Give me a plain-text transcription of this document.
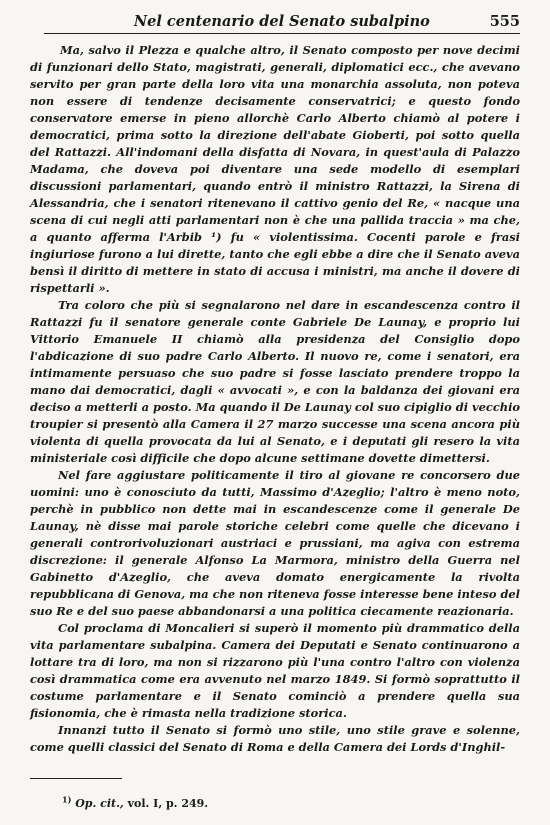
Nel centenario del Senato subalpino	555

Ma, salvo il Plezza e qualche altro, il Senato composto per nove decimi di funzionari dello Stato, magistrati, generali, diplomatici ecc., che avevano servito per gran parte della loro vita una monarchia assoluta, non poteva non essere di tendenze decisamente conservatrici; e questo fondo conservatore emerse in pieno allorchè Carlo Alberto chiamò al potere i democratici, prima sotto la direzione dell'abate Gioberti, poi sotto quella del Rattazzi. All'indomani della disfatta di Novara, in quest'aula di Palazzo Madama, che doveva poi diventare una sede modello di esemplari discussioni parlamentari, quando entrò il ministro Rattazzi, la Sirena di Alessandria, che i senatori ritenevano il cattivo genio del Re, « nacque una scena di cui negli atti parlamentari non è che una pallida traccia » ma che, a quanto afferma l'Arbib ¹) fu « violentissima. Cocenti parole e frasi ingiuriose furono a lui dirette, tanto che egli ebbe a dire che il Senato aveva bensì il diritto di mettere in stato di accusa i ministri, ma anche il dovere di rispettarli ».

Tra coloro che più si segnalarono nel dare in escandescenza contro il Rattazzi fu il senatore generale conte Gabriele De Launay, e proprio lui Vittorio Emanuele II chiamò alla presidenza del Consiglio dopo l'abdicazione di suo padre Carlo Alberto. Il nuovo re, come i senatori, era intimamente persuaso che suo padre si fosse lasciato prendere troppo la mano dai democratici, dagli « avvocati », e con la baldanza dei giovani era deciso a metterli a posto. Ma quando il De Launay col suo cipiglio di vecchio troupier si presentò alla Camera il 27 marzo successe una scena ancora più violenta di quella provocata da lui al Senato, e i deputati gli resero la vita ministeriale così difficile che dopo alcune settimane dovette dimettersi.

Nel fare aggiustare politicamente il tiro al giovane re concorsero due uomini: uno è conosciuto da tutti, Massimo d'Azeglio; l'altro è meno noto, perchè in pubblico non dette mai in escandescenze come il generale De Launay, nè disse mai parole storiche celebri come quelle che dicevano i generali controrivoluzionari austriaci e prussiani, ma agiva con estrema discrezione: il generale Alfonso La Marmora, ministro della Guerra nel Gabinetto d'Azeglio, che aveva domato energicamente la rivolta repubblicana di Genova, ma che non riteneva fosse interesse bene inteso del suo Re e del suo paese abbandonarsi a una politica ciecamente reazionaria.

Col proclama di Moncalieri si superò il momento più drammatico della vita parlamentare subalpina. Camera dei Deputati e Senato continuarono a lottare tra di loro, ma non si rizzarono più l'una contro l'altro con violenza così drammatica come era avvenuto nel marzo 1849. Si formò soprattutto il costume parlamentare e il Senato cominciò a prendere quella sua fisionomia, che è rimasta nella tradizione storica.

Innanzi tutto il Senato si formò uno stile, uno stile grave e solenne, come quelli classici del Senato di Roma e della Camera dei Lords d'Inghil-

$^{1)}$ Op. cit., vol. I, p. 249.
